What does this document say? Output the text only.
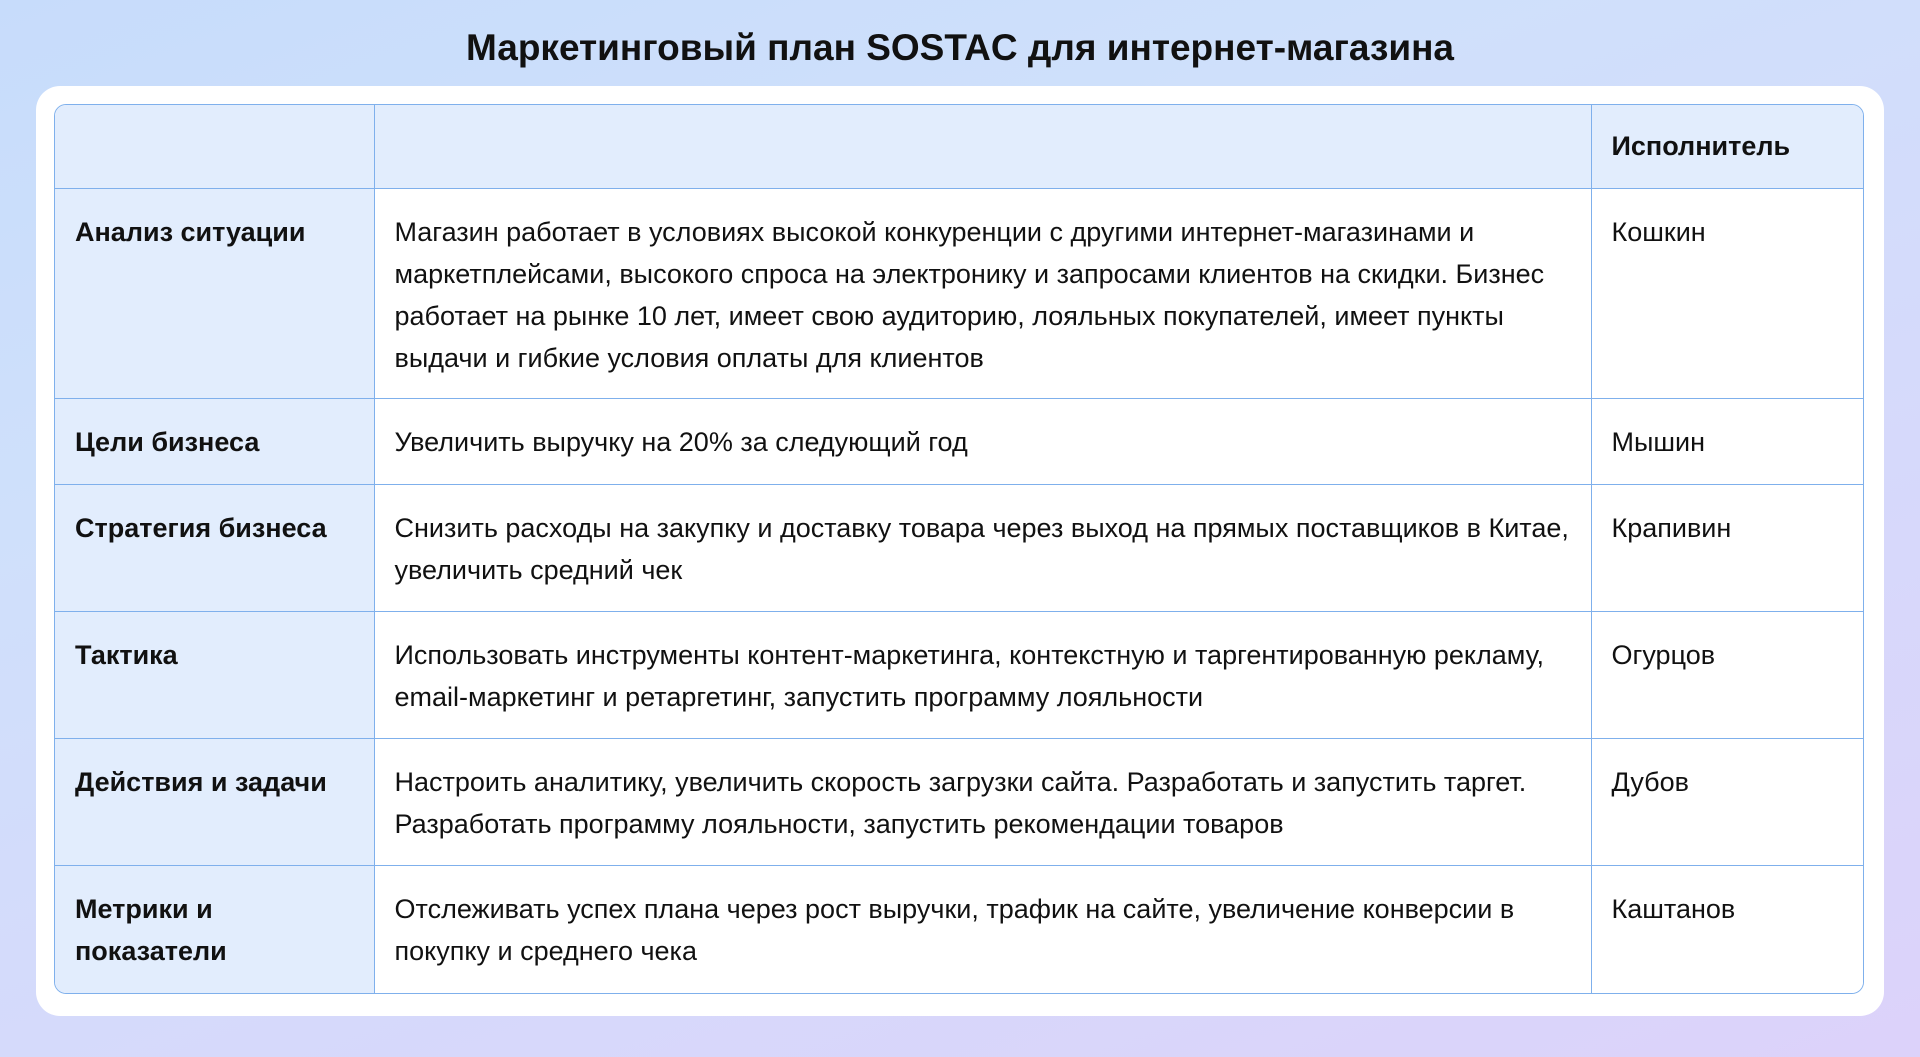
Маркетинговый план SOSTAC для интернет-магазина
		Исполнитель
Анализ ситуации	Магазин работает в условиях высокой конкуренции с другими интернет-магазинами и маркетплейсами, высокого спроса на электронику и запросами клиентов на скидки. Бизнес работает на рынке 10 лет, имеет свою аудиторию, лояльных покупателей, имеет пункты выдачи и гибкие условия оплаты для клиентов	Кошкин
Цели бизнеса	Увеличить выручку на 20% за следующий год	Мышин
Стратегия бизнеса	Снизить расходы на закупку и доставку товара через выход на прямых поставщиков в Китае, увеличить средний чек	Крапивин
Тактика	Использовать инструменты контент-маркетинга, контекстную и таргентированную рекламу, email-маркетинг и ретаргетинг, запустить программу лояльности	Огурцов
Действия и задачи	Настроить аналитику, увеличить скорость загрузки сайта. Разработать и запустить таргет. Разработать программу лояльности, запустить рекомендации товаров	Дубов
Метрики и показатели	Отслеживать успех плана через рост выручки, трафик на сайте, увеличение конверсии в покупку и среднего чека	Каштанов
